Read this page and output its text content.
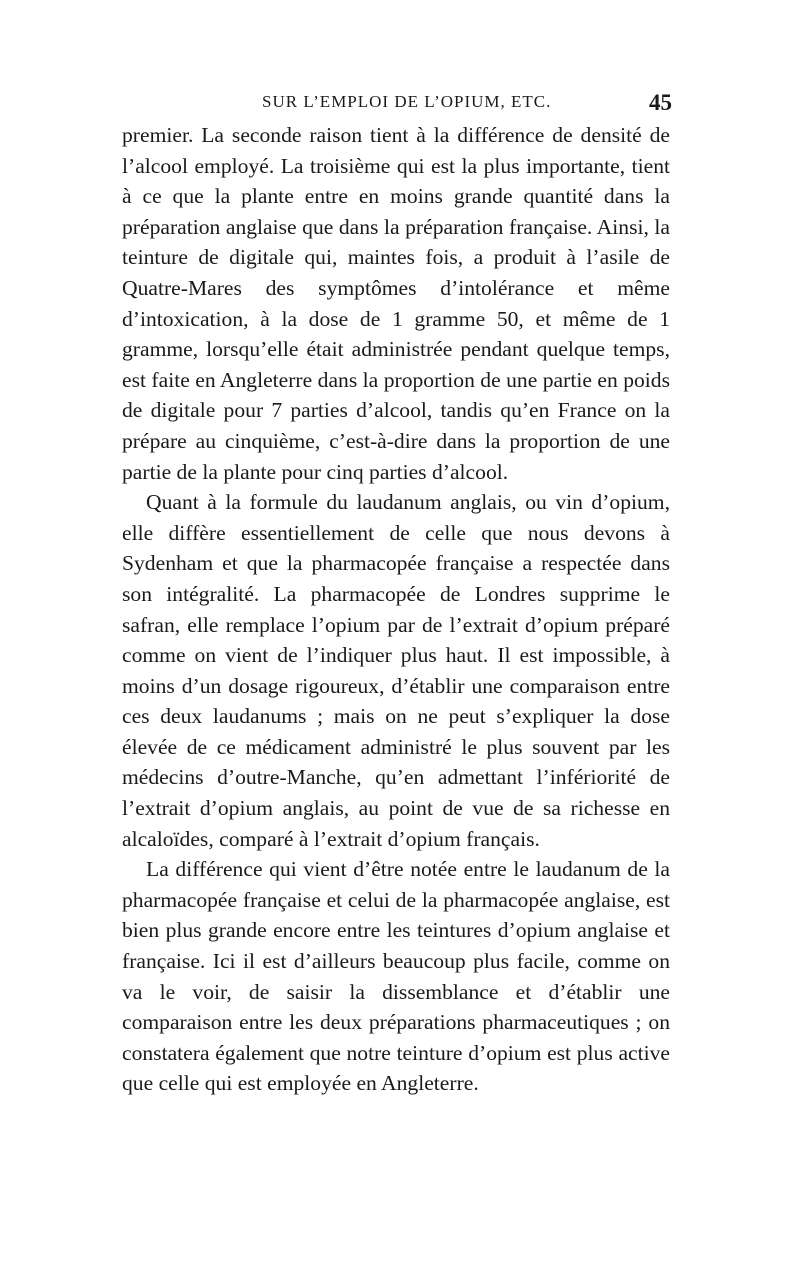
SUR L’EMPLOI DE L’OPIUM, ETC.	45

premier. La seconde raison tient à la différence de densité de l’alcool employé. La troisième qui est la plus importante, tient à ce que la plante entre en moins grande quantité dans la préparation anglaise que dans la préparation française. Ainsi, la teinture de digitale qui, maintes fois, a produit à l’asile de Quatre-Mares des symptômes d’intolérance et même d’intoxication, à la dose de 1 gramme 50, et même de 1 gramme, lorsqu’elle était administrée pendant quelque temps, est faite en Angleterre dans la proportion de une partie en poids de digitale pour 7 parties d’alcool, tandis qu’en France on la prépare au cinquième, c’est-à-dire dans la proportion de une partie de la plante pour cinq parties d’alcool.

Quant à la formule du laudanum anglais, ou vin d’opium, elle diffère essentiellement de celle que nous devons à Sydenham et que la pharmacopée française a respectée dans son intégralité. La pharmacopée de Londres supprime le safran, elle remplace l’opium par de l’extrait d’opium préparé comme on vient de l’indiquer plus haut. Il est impossible, à moins d’un dosage rigoureux, d’établir une comparaison entre ces deux laudanums ; mais on ne peut s’expliquer la dose élevée de ce médicament administré le plus souvent par les médecins d’outre-Manche, qu’en admettant l’infériorité de l’extrait d’opium anglais, au point de vue de sa richesse en alcaloïdes, comparé à l’extrait d’opium français.

La différence qui vient d’être notée entre le laudanum de la pharmacopée française et celui de la pharmacopée anglaise, est bien plus grande encore entre les teintures d’opium anglaise et française. Ici il est d’ailleurs beaucoup plus facile, comme on va le voir, de saisir la dissemblance et d’établir une comparaison entre les deux préparations pharmaceutiques ; on constatera également que notre teinture d’opium est plus active que celle qui est employée en Angleterre.
